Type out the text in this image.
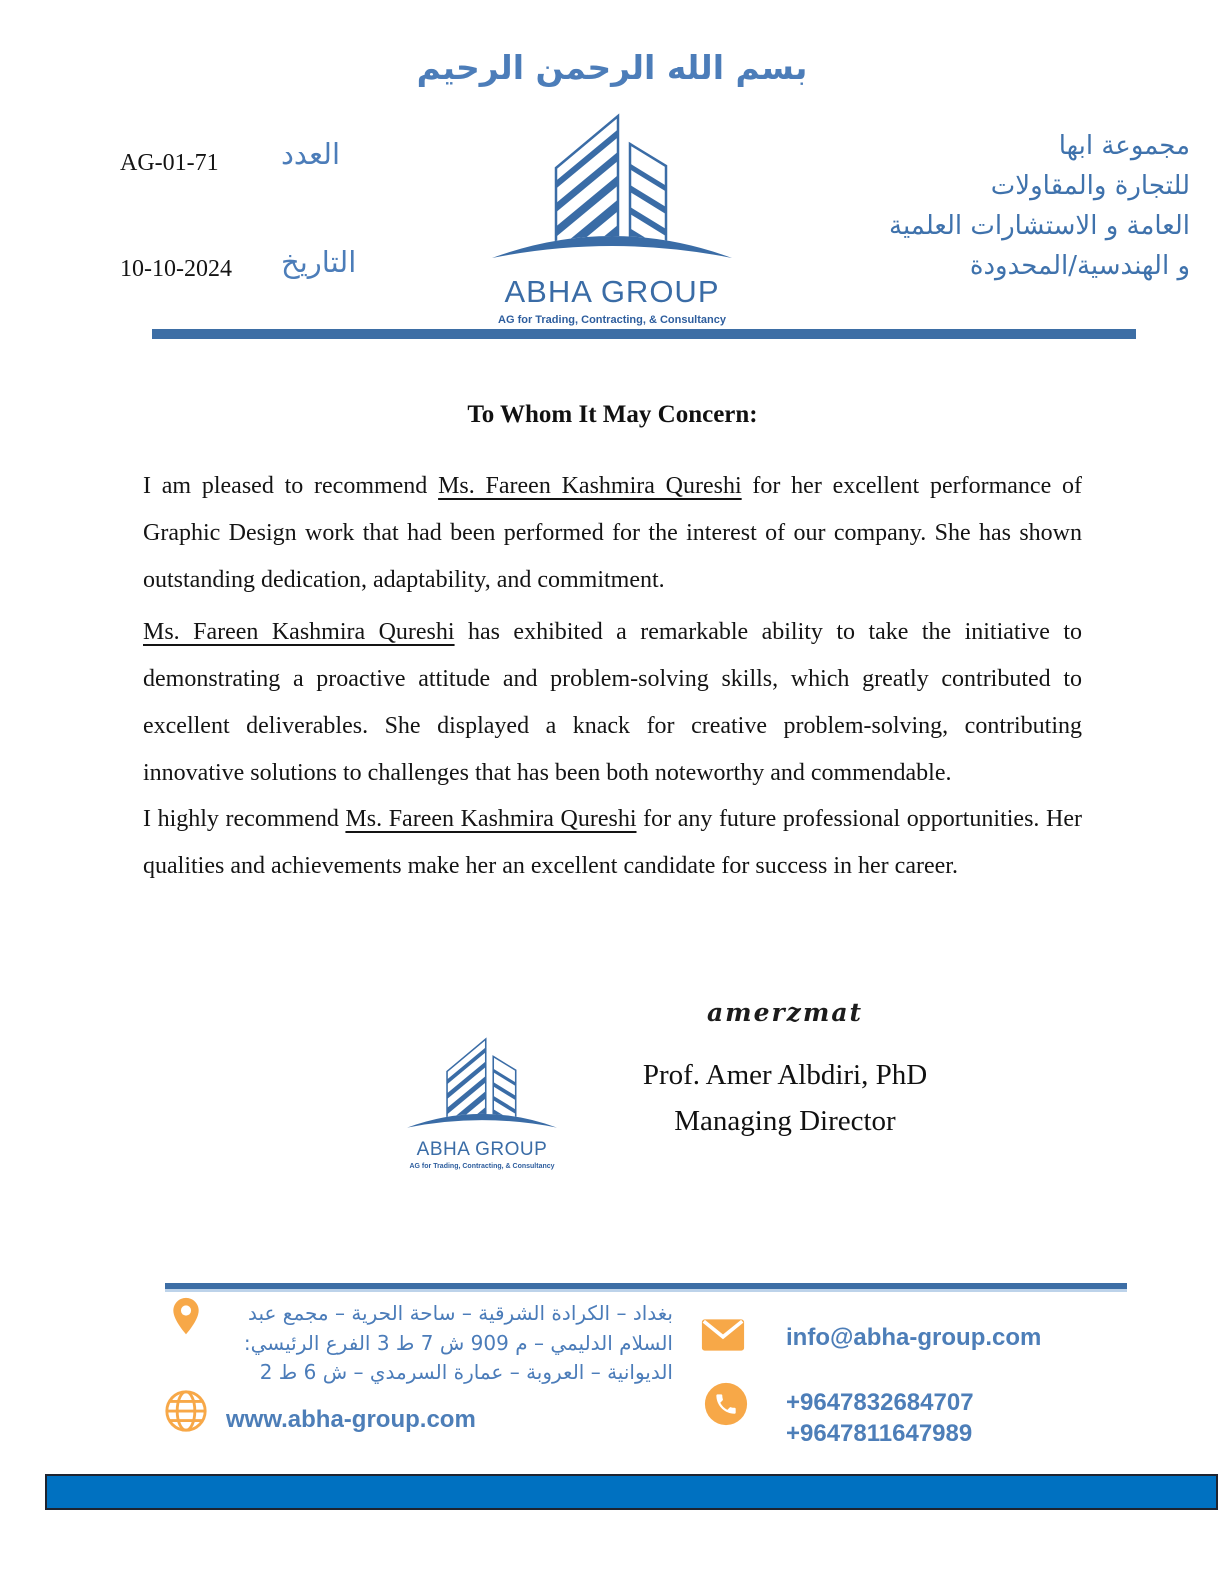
بسم الله الرحمن الرحيم
ABHA GROUP
AG for Trading, Contracting, & Consultancy
AG-01-71 العدد
10-10-2024 التاريخ
مجموعة ابها
للتجارة والمقاولات
العامة و الاستشارات العلمية
و الهندسية/المحدودة
To Whom It May Concern:

I am pleased to recommend Ms. Fareen Kashmira Qureshi for her excellent performance of Graphic Design work that had been performed for the interest of our company. She has shown outstanding dedication, adaptability, and commitment.

Ms. Fareen Kashmira Qureshi has exhibited a remarkable ability to take the initiative to demonstrating a proactive attitude and problem-solving skills, which greatly contributed to excellent deliverables. She displayed a knack for creative problem-solving, contributing innovative solutions to challenges that has been both noteworthy and commendable.

I highly recommend Ms. Fareen Kashmira Qureshi for any future professional opportunities. Her qualities and achievements make her an excellent candidate for success in her career.

amerzmat
Prof. Amer Albdiri, PhD
Managing Director
ABHA GROUP
AG for Trading, Contracting, & Consultancy
بغداد – الكرادة الشرقية – ساحة الحرية – مجمع عبد
السلام الدليمي – م 909 ش 7 ط 3 الفرع الرئيسي:
الديوانية – العروبة – عمارة السرمدي – ش 6 ط 2
www.abha-group.com
info@abha-group.com
+9647832684707
+9647811647989
